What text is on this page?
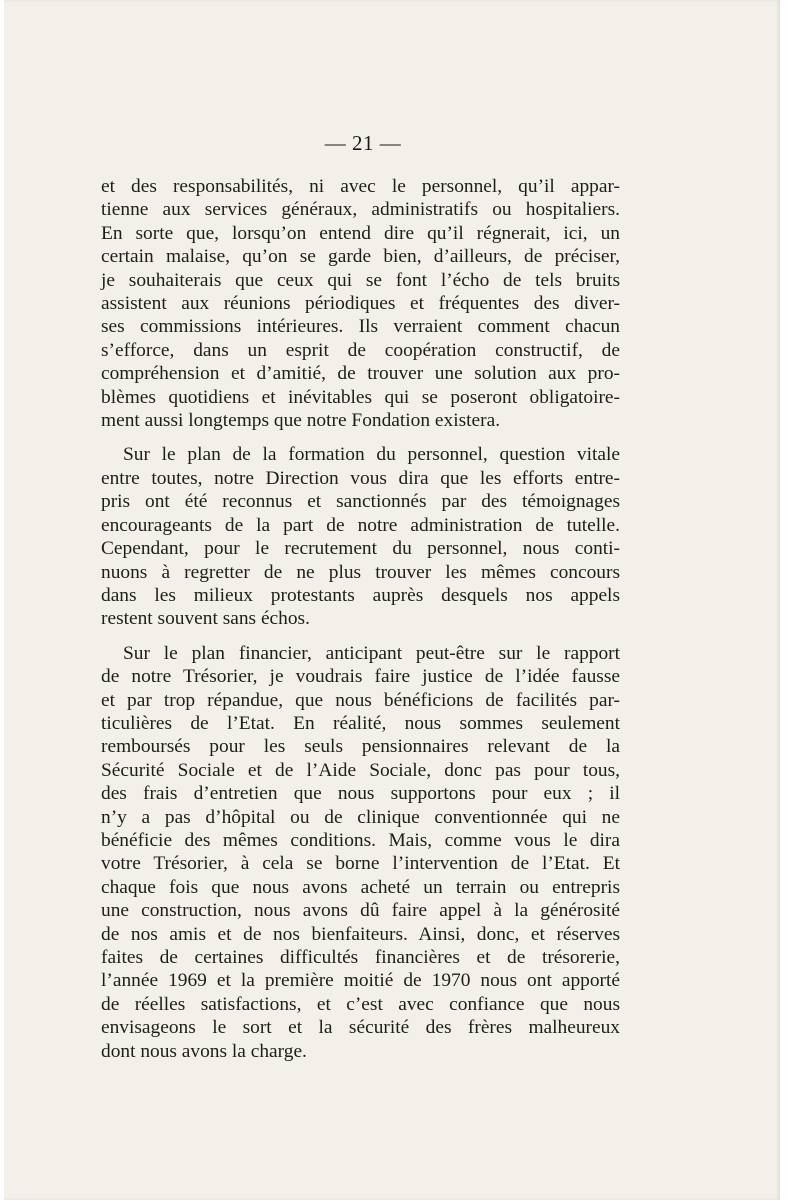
— 21 —
et des responsabilités, ni avec le personnel, qu’il appar-
tienne aux services généraux, administratifs ou hospitaliers.
En sorte que, lorsqu’on entend dire qu’il régnerait, ici, un
certain malaise, qu’on se garde bien, d’ailleurs, de préciser,
je souhaiterais que ceux qui se font l’écho de tels bruits
assistent aux réunions périodiques et fréquentes des diver-
ses commissions intérieures. Ils verraient comment chacun
s’efforce, dans un esprit de coopération constructif, de
compréhension et d’amitié, de trouver une solution aux pro-
blèmes quotidiens et inévitables qui se poseront obligatoire-
ment aussi longtemps que notre Fondation existera.
Sur le plan de la formation du personnel, question vitale
entre toutes, notre Direction vous dira que les efforts entre-
pris ont été reconnus et sanctionnés par des témoignages
encourageants de la part de notre administration de tutelle.
Cependant, pour le recrutement du personnel, nous conti-
nuons à regretter de ne plus trouver les mêmes concours
dans les milieux protestants auprès desquels nos appels
restent souvent sans échos.
Sur le plan financier, anticipant peut-être sur le rapport
de notre Trésorier, je voudrais faire justice de l’idée fausse
et par trop répandue, que nous bénéficions de facilités par-
ticulières de l’Etat. En réalité, nous sommes seulement
remboursés pour les seuls pensionnaires relevant de la
Sécurité Sociale et de l’Aide Sociale, donc pas pour tous,
des frais d’entretien que nous supportons pour eux ; il
n’y a pas d’hôpital ou de clinique conventionnée qui ne
bénéficie des mêmes conditions. Mais, comme vous le dira
votre Trésorier, à cela se borne l’intervention de l’Etat. Et
chaque fois que nous avons acheté un terrain ou entrepris
une construction, nous avons dû faire appel à la générosité
de nos amis et de nos bienfaiteurs. Ainsi, donc, et réserves
faites de certaines difficultés financières et de trésorerie,
l’année 1969 et la première moitié de 1970 nous ont apporté
de réelles satisfactions, et c’est avec confiance que nous
envisageons le sort et la sécurité des frères malheureux
dont nous avons la charge.
